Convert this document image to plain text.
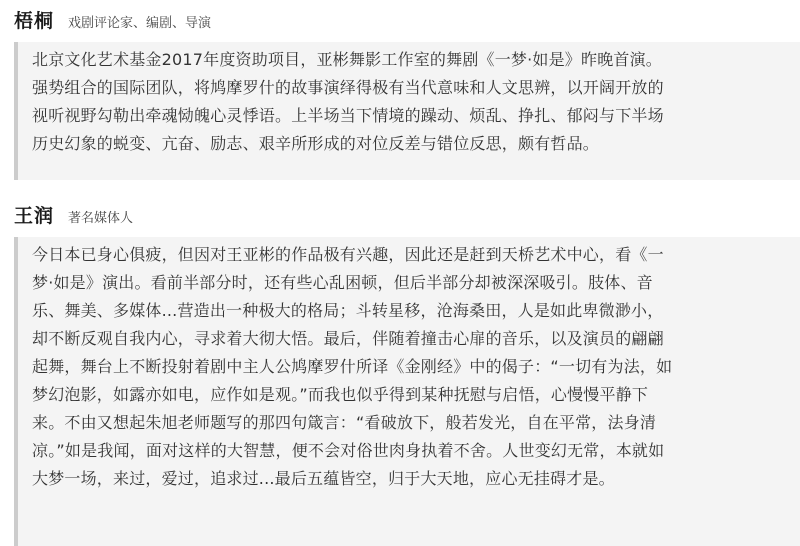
梧桐 戏剧评论家、编剧、导演

北京文化艺术基金2017年度资助项目，亚彬舞影工作室的舞剧《一梦·如是》昨晚首演。
强势组合的国际团队，将鸠摩罗什的故事演绎得极有当代意味和人文思辨，以开阔开放的
视听视野勾勒出牵魂恸魄心灵悸语。上半场当下情境的躁动、烦乱、挣扎、郁闷与下半场
历史幻象的蜕变、亢奋、励志、艰辛所形成的对位反差与错位反思，颇有哲品。

王润 著名媒体人

今日本已身心俱疲，但因对王亚彬的作品极有兴趣，因此还是赶到天桥艺术中心，看《一
梦·如是》演出。看前半部分时，还有些心乱困顿，但后半部分却被深深吸引。肢体、音
乐、舞美、多媒体...营造出一种极大的格局；斗转星移，沧海桑田，人是如此卑微渺小，
却不断反观自我内心，寻求着大彻大悟。最后，伴随着撞击心扉的音乐，以及演员的翩翩
起舞，舞台上不断投射着剧中主人公鸠摩罗什所译《金刚经》中的偈子：“一切有为法，如
梦幻泡影，如露亦如电，应作如是观。”而我也似乎得到某种抚慰与启悟，心慢慢平静下
来。不由又想起朱旭老师题写的那四句箴言：“看破放下，般若发光，自在平常，法身清
凉。”如是我闻，面对这样的大智慧，便不会对俗世肉身执着不舍。人世变幻无常，本就如
大梦一场，来过，爱过，追求过...最后五蕴皆空，归于大天地，应心无挂碍才是。
